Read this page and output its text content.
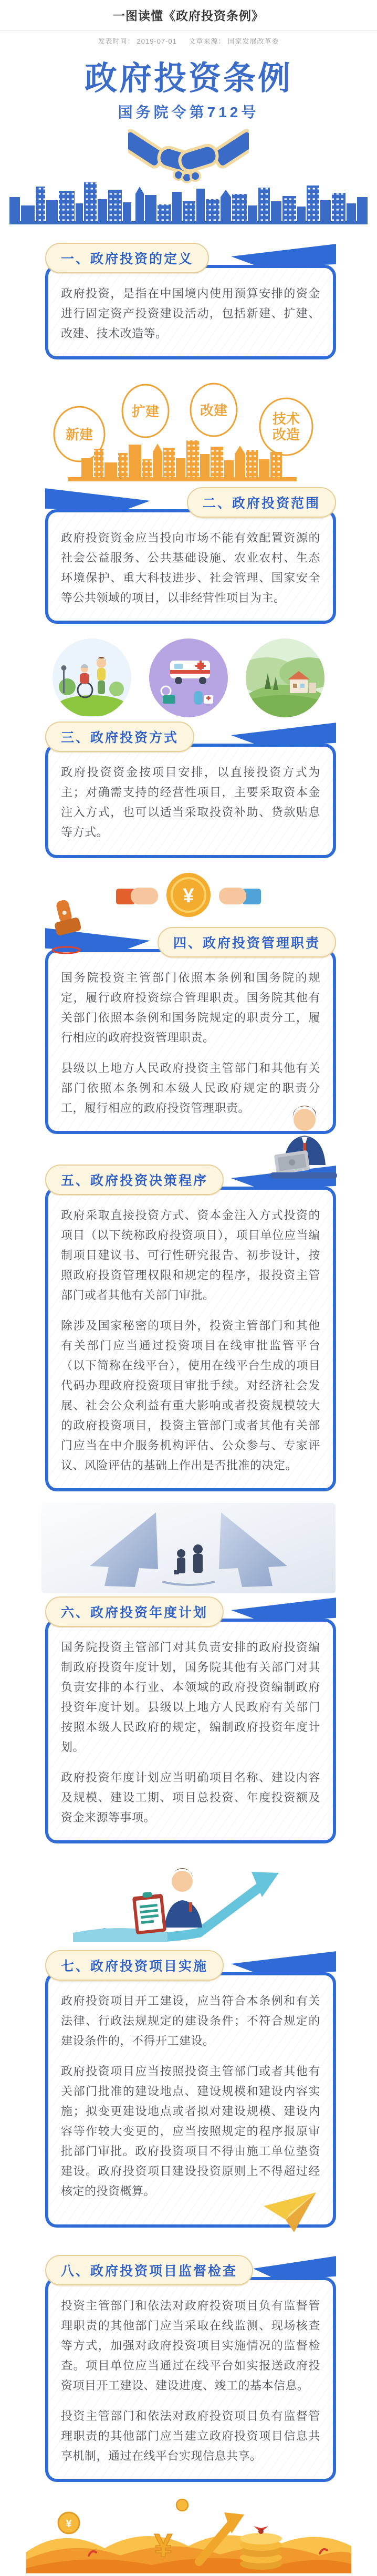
一图读懂《政府投资条例》

发表时间： 2019-07-01 文章来源： 国家发展改革委

政府投资条例
国务院令第712号
一、政府投资的定义

政府投资，是指在中国境内使用预算安排的资金进行固定资产投资建设活动，包括新建、扩建、改建、技术改造等。

新建
扩建	改建
技术
改造
二、政府投资范围

政府投资资金应当投向市场不能有效配置资源的社会公益服务、公共基础设施、农业农村、生态环境保护、重大科技进步、社会管理、国家安全等公共领域的项目，以非经营性项目为主。

三、政府投资方式

政府投资资金按项目安排，以直接投资方式为主；对确需支持的经营性项目，主要采取资本金注入方式，也可以适当采取投资补助、贷款贴息等方式。

¥
四、政府投资管理职责

国务院投资主管部门依照本条例和国务院的规定，履行政府投资综合管理职责。国务院其他有关部门依照本条例和国务院规定的职责分工，履行相应的政府投资管理职责。

县级以上地方人民政府投资主管部门和其他有关部门依照本条例和本级人民政府规定的职责分工，履行相应的政府投资管理职责。

五、政府投资决策程序

政府采取直接投资方式、资本金注入方式投资的项目（以下统称政府投资项目），项目单位应当编制项目建议书、可行性研究报告、初步设计，按照政府投资管理权限和规定的程序，报投资主管部门或者其他有关部门审批。

除涉及国家秘密的项目外，投资主管部门和其他有关部门应当通过投资项目在线审批监管平台（以下简称在线平台），使用在线平台生成的项目代码办理政府投资项目审批手续。对经济社会发展、社会公众利益有重大影响或者投资规模较大的政府投资项目，投资主管部门或者其他有关部门应当在中介服务机构评估、公众参与、专家评议、风险评估的基础上作出是否批准的决定。

六、政府投资年度计划

国务院投资主管部门对其负责安排的政府投资编制政府投资年度计划，国务院其他有关部门对其负责安排的本行业、本领域的政府投资编制政府投资年度计划。县级以上地方人民政府有关部门按照本级人民政府的规定，编制政府投资年度计划。

政府投资年度计划应当明确项目名称、建设内容及规模、建设工期、项目总投资、年度投资额及资金来源等事项。

七、政府投资项目实施

政府投资项目开工建设，应当符合本条例和有关法律、行政法规规定的建设条件；不符合规定的建设条件的，不得开工建设。

政府投资项目应当按照投资主管部门或者其他有关部门批准的建设地点、建设规模和建设内容实施；拟变更建设地点或者拟对建设规模、建设内容等作较大变更的，应当按照规定的程序报原审批部门审批。政府投资项目不得由施工单位垫资建设。政府投资项目建设投资原则上不得超过经核定的投资概算。

八、政府投资项目监督检查

投资主管部门和依法对政府投资项目负有监督管理职责的其他部门应当采取在线监测、现场核查等方式，加强对政府投资项目实施情况的监督检查。项目单位应当通过在线平台如实报送政府投资项目开工建设、建设进度、竣工的基本信息。

投资主管部门和依法对政府投资项目负有监督管理职责的其他部门应当建立政府投资项目信息共享机制，通过在线平台实现信息共享。

¥
¥
